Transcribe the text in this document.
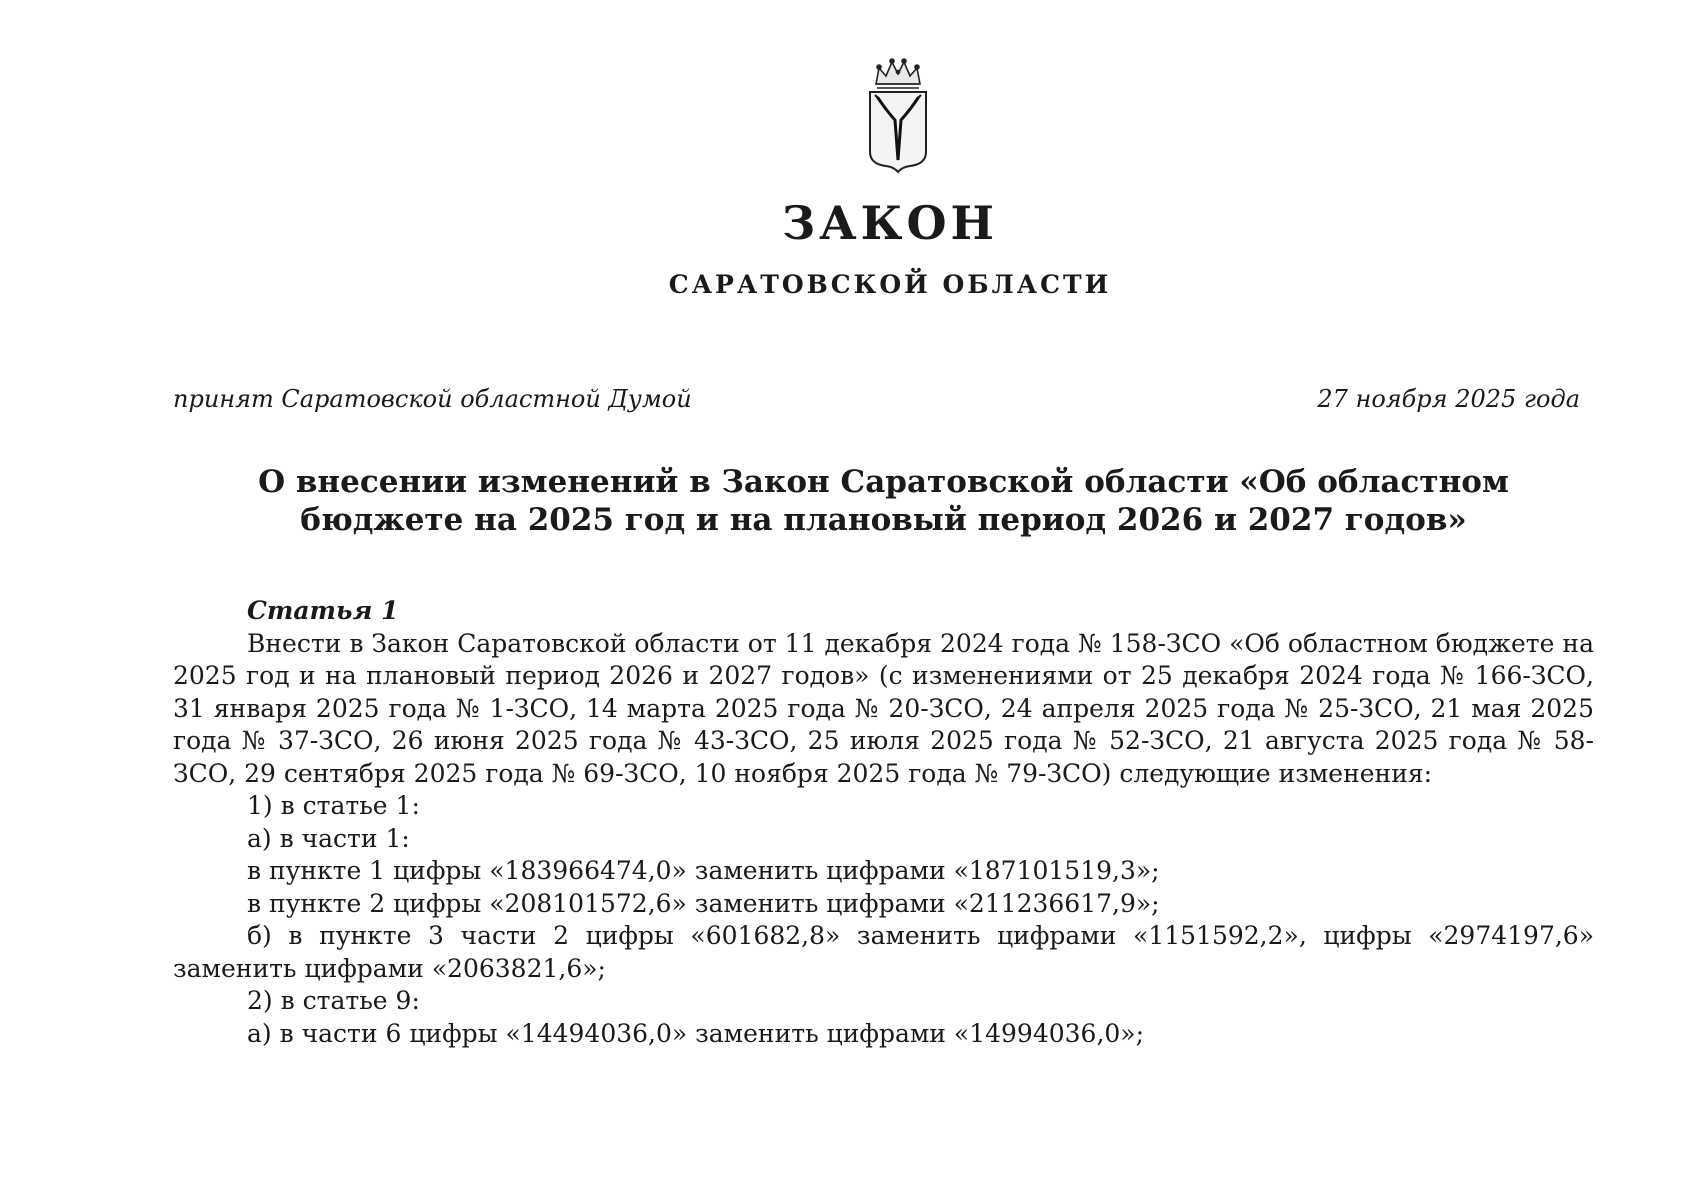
ЗАКОН
САРАТОВСКОЙ ОБЛАСТИ
принят Саратовской областной Думой	27 ноября 2025 года
О внесении изменений в Закон Саратовской области «Об областном бюджете на 2025 год и на плановый период 2026 и 2027 годов»

Статья 1

Внести в Закон Саратовской области от 11 декабря 2024 года № 158-ЗСО «Об областном бюджете на 2025 год и на плановый период 2026 и 2027 годов» (с изменениями от 25 декабря 2024 года № 166-ЗСО, 31 января 2025 года № 1-ЗСО, 14 марта 2025 года № 20-ЗСО, 24 апреля 2025 года № 25-ЗСО, 21 мая 2025 года № 37-ЗСО, 26 июня 2025 года № 43-ЗСО, 25 июля 2025 года № 52-ЗСО, 21 августа 2025 года № 58-ЗСО, 29 сентября 2025 года № 69-ЗСО, 10 ноября 2025 года № 79-ЗСО) следующие изменения:

1) в статье 1:

а) в части 1:

в пункте 1 цифры «183966474,0» заменить цифрами «187101519,3»;

в пункте 2 цифры «208101572,6» заменить цифрами «211236617,9»;

б) в пункте 3 части 2 цифры «601682,8» заменить цифрами «1151592,2», цифры «2974197,6» заменить цифрами «2063821,6»;

2) в статье 9:

а) в части 6 цифры «14494036,0» заменить цифрами «14994036,0»;
